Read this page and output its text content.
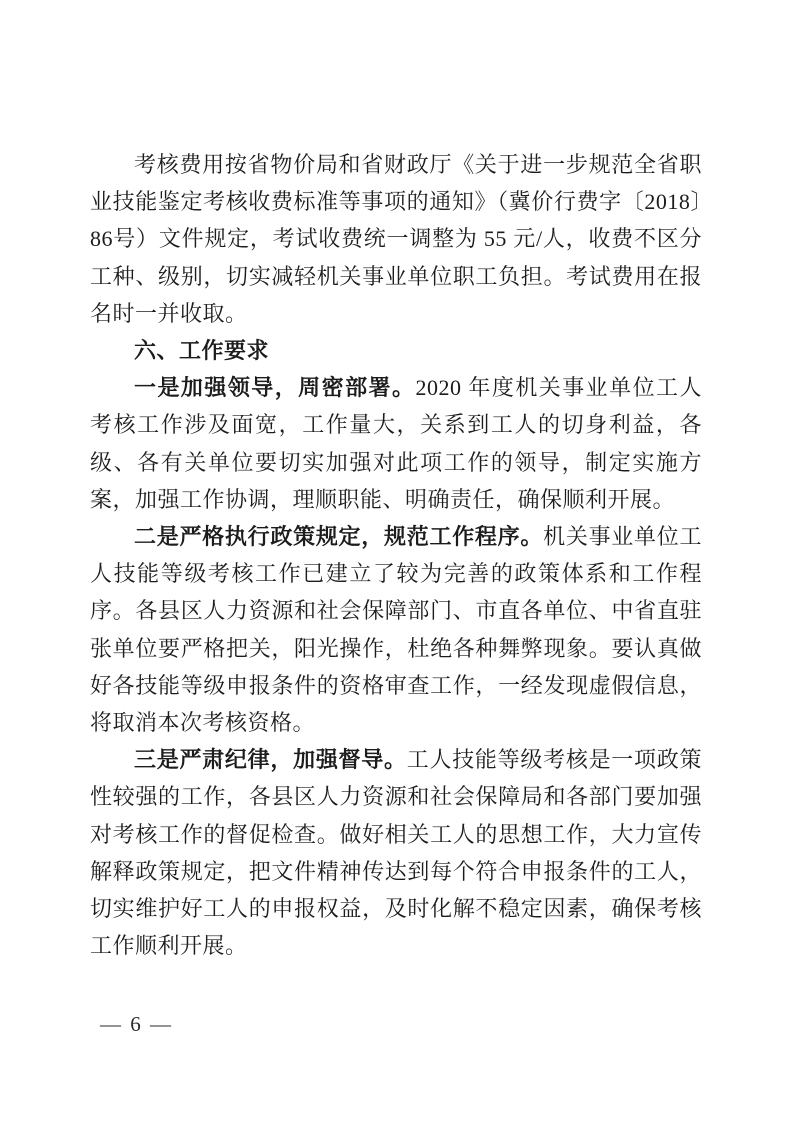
考核费用按省物价局和省财政厅《关于进一步规范全省职业技能鉴定考核收费标准等事项的通知》（冀价行费字〔2018〕86号）文件规定，考试收费统一调整为 55 元/人，收费不区分工种、级别，切实减轻机关事业单位职工负担。考试费用在报名时一并收取。

六、工作要求

一是加强领导，周密部署。2020 年度机关事业单位工人考核工作涉及面宽，工作量大，关系到工人的切身利益，各级、各有关单位要切实加强对此项工作的领导，制定实施方案，加强工作协调，理顺职能、明确责任，确保顺利开展。

二是严格执行政策规定，规范工作程序。机关事业单位工人技能等级考核工作已建立了较为完善的政策体系和工作程序。各县区人力资源和社会保障部门、市直各单位、中省直驻张单位要严格把关，阳光操作，杜绝各种舞弊现象。要认真做好各技能等级申报条件的资格审查工作，一经发现虚假信息，将取消本次考核资格。

三是严肃纪律，加强督导。工人技能等级考核是一项政策性较强的工作，各县区人力资源和社会保障局和各部门要加强对考核工作的督促检查。做好相关工人的思想工作，大力宣传解释政策规定，把文件精神传达到每个符合申报条件的工人，切实维护好工人的申报权益，及时化解不稳定因素，确保考核工作顺利开展。

— 6 —
